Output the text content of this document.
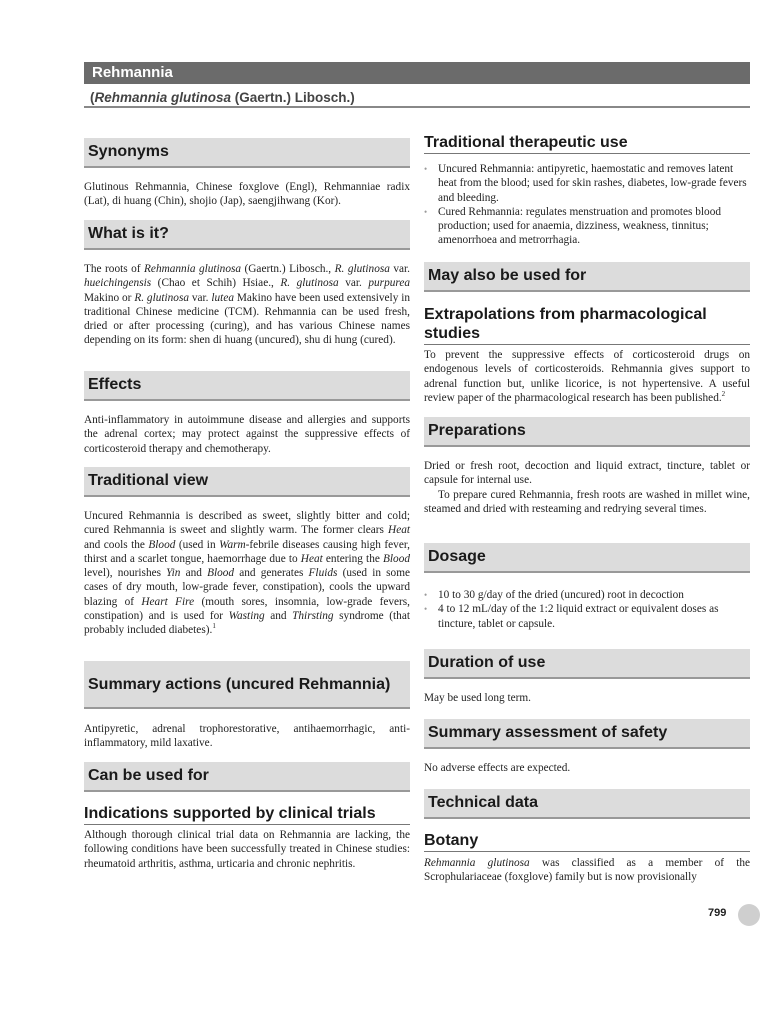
Rehmannia
(Rehmannia glutinosa (Gaertn.) Libosch.)
Synonyms
Glutinous Rehmannia, Chinese foxglove (Engl), Rehmanniae radix (Lat), di huang (Chin), shojio (Jap), saengjihwang (Kor).
What is it?
The roots of Rehmannia glutinosa (Gaertn.) Libosch., R. glutinosa var. hueichingensis (Chao et Schih) Hsiae., R. glutinosa var. purpurea Makino or R. glutinosa var. lutea Makino have been used extensively in traditional Chinese medicine (TCM). Rehmannia can be used fresh, dried or after processing (curing), and has various Chinese names depending on its form: shen di huang (uncured), shu di hung (cured).
Effects
Anti-inflammatory in autoimmune disease and allergies and supports the adrenal cortex; may protect against the suppressive effects of corticosteroid therapy and chemotherapy.
Traditional view
Uncured Rehmannia is described as sweet, slightly bitter and cold; cured Rehmannia is sweet and slightly warm. The former clears Heat and cools the Blood (used in Warm-febrile diseases causing high fever, thirst and a scarlet tongue, haemorrhage due to Heat entering the Blood level), nourishes Yin and Blood and generates Fluids (used in some cases of dry mouth, low-grade fever, constipation), cools the upward blazing of Heart Fire (mouth sores, insomnia, low-grade fevers, constipation) and is used for Wasting and Thirsting syndrome (that probably included diabetes).$^1$
Summary actions (uncured Rehmannia)
Antipyretic, adrenal trophorestorative, antihaemorrhagic, anti-inflammatory, mild laxative.
Can be used for
Indications supported by clinical trials
Although thorough clinical trial data on Rehmannia are lacking, the following conditions have been successfully treated in Chinese studies: rheumatoid arthritis, asthma, urticaria and chronic nephritis.
Traditional therapeutic use
• Uncured Rehmannia: antipyretic, haemostatic and removes latent heat from the blood; used for skin rashes, diabetes, low-grade fevers and bleeding.
• Cured Rehmannia: regulates menstruation and promotes blood production; used for anaemia, dizziness, weakness, tinnitus; amenorrhoea and metrorrhagia.
May also be used for
Extrapolations from pharmacological studies
To prevent the suppressive effects of corticosteroid drugs on endogenous levels of corticosteroids. Rehmannia gives support to adrenal function but, unlike licorice, is not hypertensive. A useful review paper of the pharmacological research has been published.$^2$
Preparations
Dried or fresh root, decoction and liquid extract, tincture, tablet or capsule for internal use.
To prepare cured Rehmannia, fresh roots are washed in millet wine, steamed and dried with resteaming and redrying several times.
Dosage
• 10 to 30 g/day of the dried (uncured) root in decoction
• 4 to 12 mL/day of the 1:2 liquid extract or equivalent doses as tincture, tablet or capsule.
Duration of use
May be used long term.
Summary assessment of safety
No adverse effects are expected.
Technical data
Botany
Rehmannia glutinosa was classified as a member of the Scrophulariaceae (foxglove) family but is now provisionally
799
